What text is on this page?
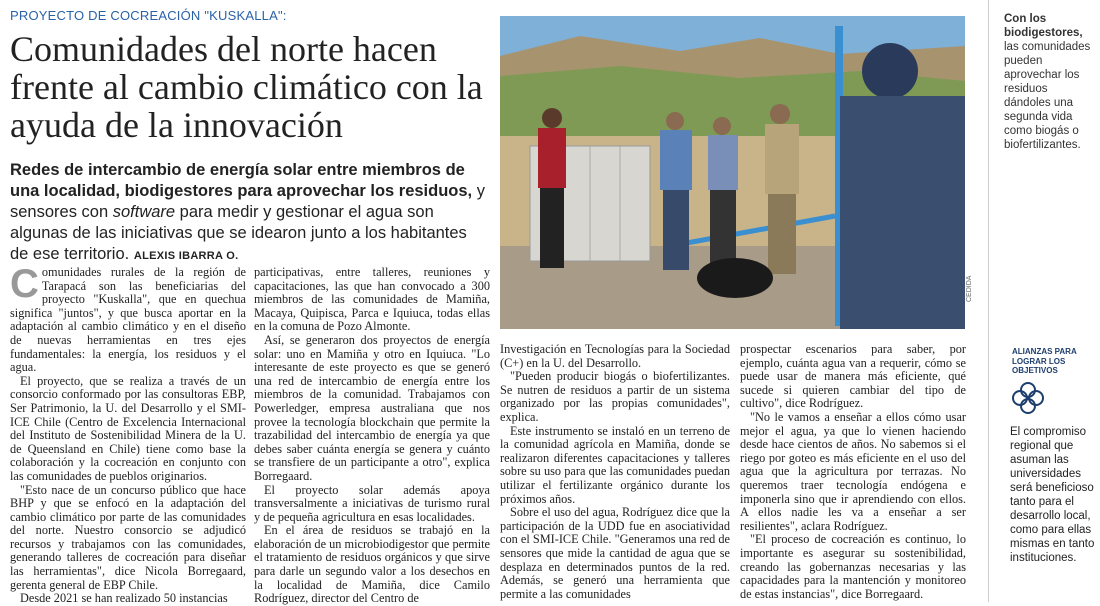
PROYECTO DE COCREACIÓN "KUSKALLA":
Comunidades del norte hacen frente al cambio climático con la ayuda de la innovación
Redes de intercambio de energía solar entre miembros de una localidad, biodigestores para aprovechar los residuos, y sensores con software para medir y gestionar el agua son algunas de las iniciativas que se idearon junto a los habitantes de ese territorio. ALEXIS IBARRA O.

Comunidades rurales de la región de Tarapacá son las beneficiarias del proyecto "Kuskalla", que en quechua significa "juntos", y que busca aportar en la adaptación al cambio climático y en el diseño de nuevas herramientas en tres ejes fundamentales: la energía, los residuos y el agua.

El proyecto, que se realiza a través de un consorcio conformado por las consultoras EBP, Ser Patrimonio, la U. del Desarrollo y el SMI-ICE Chile (Centro de Excelencia Internacional del Instituto de Sostenibilidad Minera de la U. de Queensland en Chile) tiene como base la colaboración y la cocreación en conjunto con las comunidades de pueblos originarios.

"Esto nace de un concurso público que hace BHP y que se enfocó en la adaptación del cambio climático por parte de las comunidades del norte. Nuestro consorcio se adjudicó recursos y trabajamos con las comunidades, generando talleres de cocreación para diseñar las herramientas", dice Nicola Borregaard, gerenta general de EBP Chile.

Desde 2021 se han realizado 50 instancias

participativas, entre talleres, reuniones y capacitaciones, las que han convocado a 300 miembros de las comunidades de Mamiña, Macaya, Quipisca, Parca e Iquiuca, todas ellas en la comuna de Pozo Almonte.

Así, se generaron dos proyectos de energía solar: uno en Mamiña y otro en Iquiuca. "Lo interesante de este proyecto es que se generó una red de intercambio de energía entre los miembros de la comunidad. Trabajamos con Powerledger, empresa australiana que nos provee la tecnología blockchain que permite la trazabilidad del intercambio de energía ya que debes saber cuánta energía se genera y cuánto se transfiere de un participante a otro", explica Borregaard.

El proyecto solar además apoya transversalmente a iniciativas de turismo rural y de pequeña agricultura en esas localidades.

En el área de residuos se trabajó en la elaboración de un microbiodigestor que permite el tratamiento de residuos orgánicos y que sirve para darle un segundo valor a los desechos en la localidad de Mamiña, dice Camilo Rodríguez, director del Centro de

CEDIDA

Investigación en Tecnologías para la Sociedad (C+) en la U. del Desarrollo.

"Pueden producir biogás o biofertilizantes. Se nutren de residuos a partir de un sistema organizado por las propias comunidades", explica.

Este instrumento se instaló en un terreno de la comunidad agrícola en Mamiña, donde se realizaron diferentes capacitaciones y talleres sobre su uso para que las comunidades puedan utilizar el fertilizante orgánico durante los próximos años.

Sobre el uso del agua, Rodríguez dice que la participación de la UDD fue en asociatividad con el SMI-ICE Chile. "Generamos una red de sensores que mide la cantidad de agua que se desplaza en determinados puntos de la red. Además, se generó una herramienta que permite a las comunidades

prospectar escenarios para saber, por ejemplo, cuánta agua van a requerir, cómo se puede usar de manera más eficiente, qué sucede si quieren cambiar del tipo de cultivo", dice Rodríguez.

"No le vamos a enseñar a ellos cómo usar mejor el agua, ya que lo vienen haciendo desde hace cientos de años. No sabemos si el riego por goteo es más eficiente en el uso del agua que la agricultura por terrazas. No queremos traer tecnología endógena e imponerla sino que ir aprendiendo con ellos. A ellos nadie les va a enseñar a ser resilientes", aclara Rodríguez.

"El proceso de cocreación es continuo, lo importante es asegurar su sostenibilidad, creando las gobernanzas necesarias y las capacidades para la mantención y monitoreo de estas instancias", dice Borregaard.

Con los biodigestores, las comunidades pueden aprovechar los residuos dándoles una segunda vida como biogás o biofertilizantes.
ALIANZAS PARA LOGRAR LOS OBJETIVOS
El compromiso regional que asuman las universidades será beneficioso tanto para el desarrollo local, como para ellas mismas en tanto instituciones.
